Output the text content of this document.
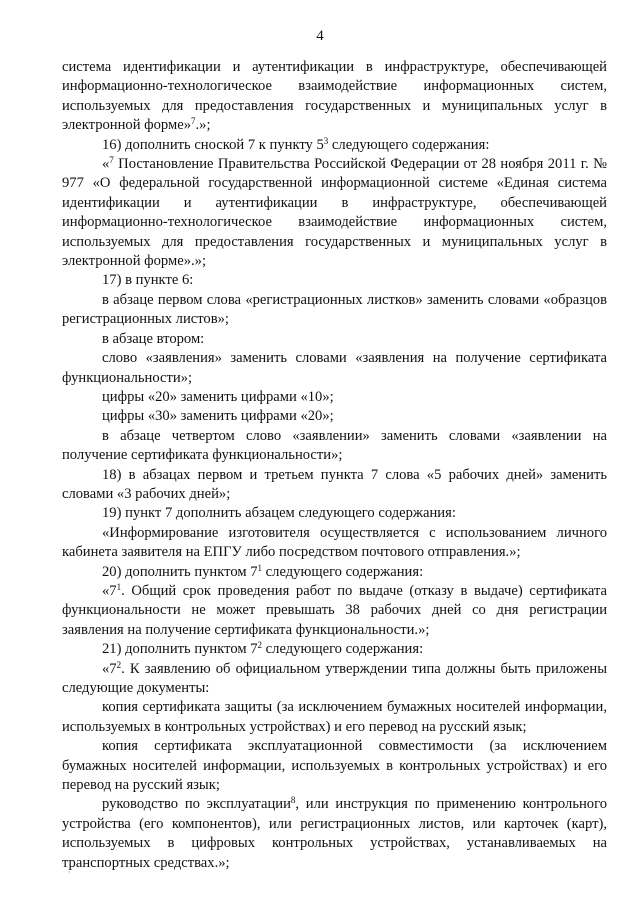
4

система идентификации и аутентификации в инфраструктуре, обеспечивающей информационно-технологическое взаимодействие информационных систем, используемых для предоставления государственных и муниципальных услуг в электронной форме»$^7$.»;

16) дополнить сноской 7 к пункту $5^3$ следующего содержания:

«$^7$ Постановление Правительства Российской Федерации от 28 ноября 2011 г. № 977 «О федеральной государственной информационной системе «Единая система идентификации и аутентификации в инфраструктуре, обеспечивающей информационно-технологическое взаимодействие информационных систем, используемых для предоставления государственных и муниципальных услуг в электронной форме».»;

17) в пункте 6:

в абзаце первом слова «регистрационных листков» заменить словами «образцов регистрационных листов»;

в абзаце втором:

слово «заявления» заменить словами «заявления на получение сертификата функциональности»;

цифры «20» заменить цифрами «10»;

цифры «30» заменить цифрами «20»;

в абзаце четвертом слово «заявлении» заменить словами «заявлении на получение сертификата функциональности»;

18) в абзацах первом и третьем пункта 7 слова «5 рабочих дней» заменить словами «3 рабочих дней»;

19) пункт 7 дополнить абзацем следующего содержания:

«Информирование изготовителя осуществляется с использованием личного кабинета заявителя на ЕПГУ либо посредством почтового отправления.»;

20) дополнить пунктом $7^1$ следующего содержания:

«$7^1$. Общий срок проведения работ по выдаче (отказу в выдаче) сертификата функциональности не может превышать 38 рабочих дней со дня регистрации заявления на получение сертификата функциональности.»;

21) дополнить пунктом $7^2$ следующего содержания:

«$7^2$. К заявлению об официальном утверждении типа должны быть приложены следующие документы:

копия сертификата защиты (за исключением бумажных носителей информации, используемых в контрольных устройствах) и его перевод на русский язык;

копия сертификата эксплуатационной совместимости (за исключением бумажных носителей информации, используемых в контрольных устройствах) и его перевод на русский язык;

руководство по эксплуатации$^8$, или инструкция по применению контрольного устройства (его компонентов), или регистрационных листов, или карточек (карт), используемых в цифровых контрольных устройствах, устанавливаемых на транспортных средствах.»;

·
